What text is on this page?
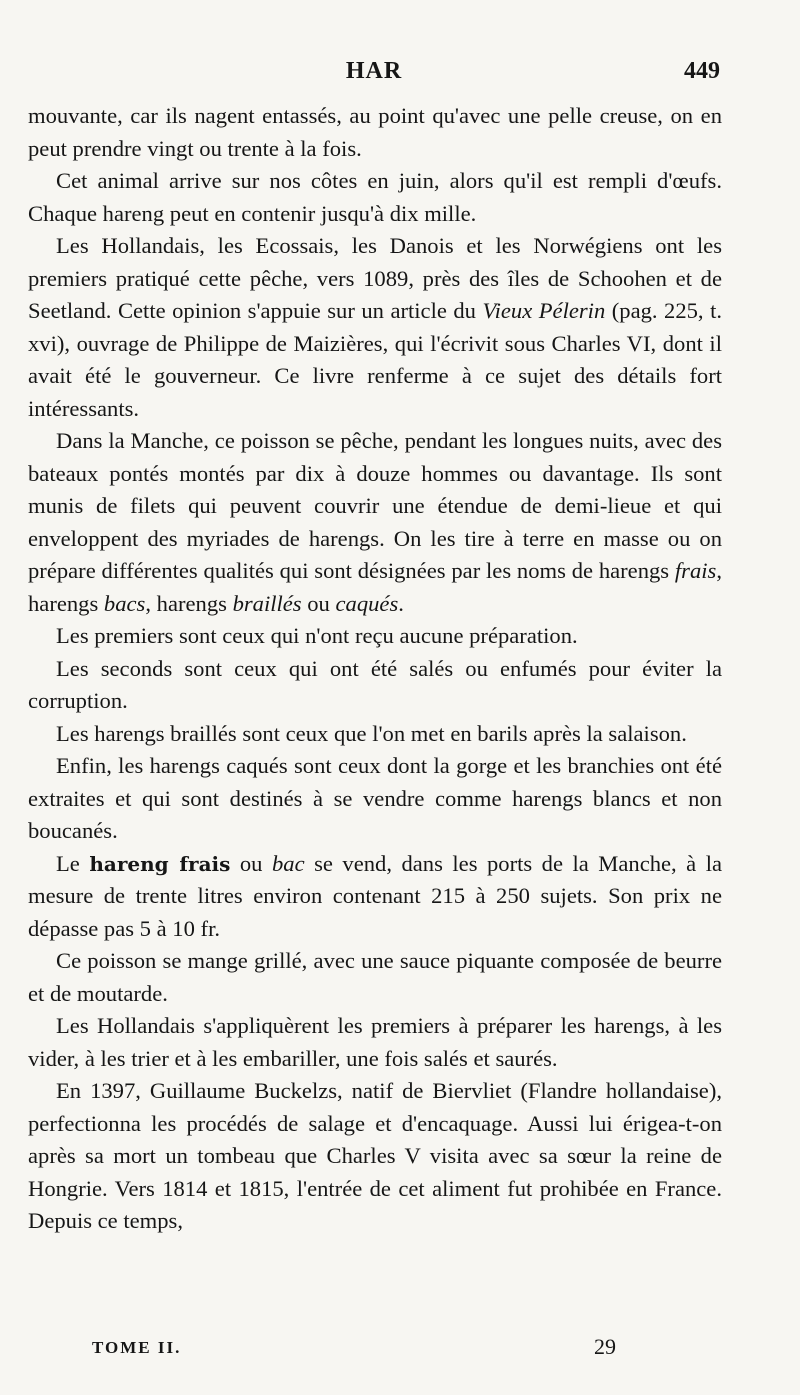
HAR	449

mouvante, car ils nagent entassés, au point qu'avec une pelle creuse, on en peut prendre vingt ou trente à la fois.

Cet animal arrive sur nos côtes en juin, alors qu'il est rempli d'œufs. Chaque hareng peut en contenir jusqu'à dix mille.

Les Hollandais, les Ecossais, les Danois et les Norwégiens ont les premiers pratiqué cette pêche, vers 1089, près des îles de Schoohen et de Seetland. Cette opinion s'appuie sur un article du Vieux Pélerin (pag. 225, t. xvi), ouvrage de Philippe de Maizières, qui l'écrivit sous Charles VI, dont il avait été le gouverneur. Ce livre renferme à ce sujet des détails fort intéressants.

Dans la Manche, ce poisson se pêche, pendant les longues nuits, avec des bateaux pontés montés par dix à douze hommes ou davantage. Ils sont munis de filets qui peuvent couvrir une étendue de demi-lieue et qui enveloppent des myriades de harengs. On les tire à terre en masse ou on prépare différentes qualités qui sont désignées par les noms de harengs frais, harengs bacs, harengs braillés ou caqués.

Les premiers sont ceux qui n'ont reçu aucune préparation.

Les seconds sont ceux qui ont été salés ou enfumés pour éviter la corruption.

Les harengs braillés sont ceux que l'on met en barils après la salaison.

Enfin, les harengs caqués sont ceux dont la gorge et les branchies ont été extraites et qui sont destinés à se vendre comme harengs blancs et non boucanés.

Le hareng frais ou bac se vend, dans les ports de la Manche, à la mesure de trente litres environ contenant 215 à 250 sujets. Son prix ne dépasse pas 5 à 10 fr.

Ce poisson se mange grillé, avec une sauce piquante composée de beurre et de moutarde.

Les Hollandais s'appliquèrent les premiers à préparer les harengs, à les vider, à les trier et à les embariller, une fois salés et saurés.

En 1397, Guillaume Buckelzs, natif de Biervliet (Flandre hollandaise), perfectionna les procédés de salage et d'encaquage. Aussi lui érigea-t-on après sa mort un tombeau que Charles V visita avec sa sœur la reine de Hongrie. Vers 1814 et 1815, l'entrée de cet aliment fut prohibée en France. Depuis ce temps,

TOME II.	29
